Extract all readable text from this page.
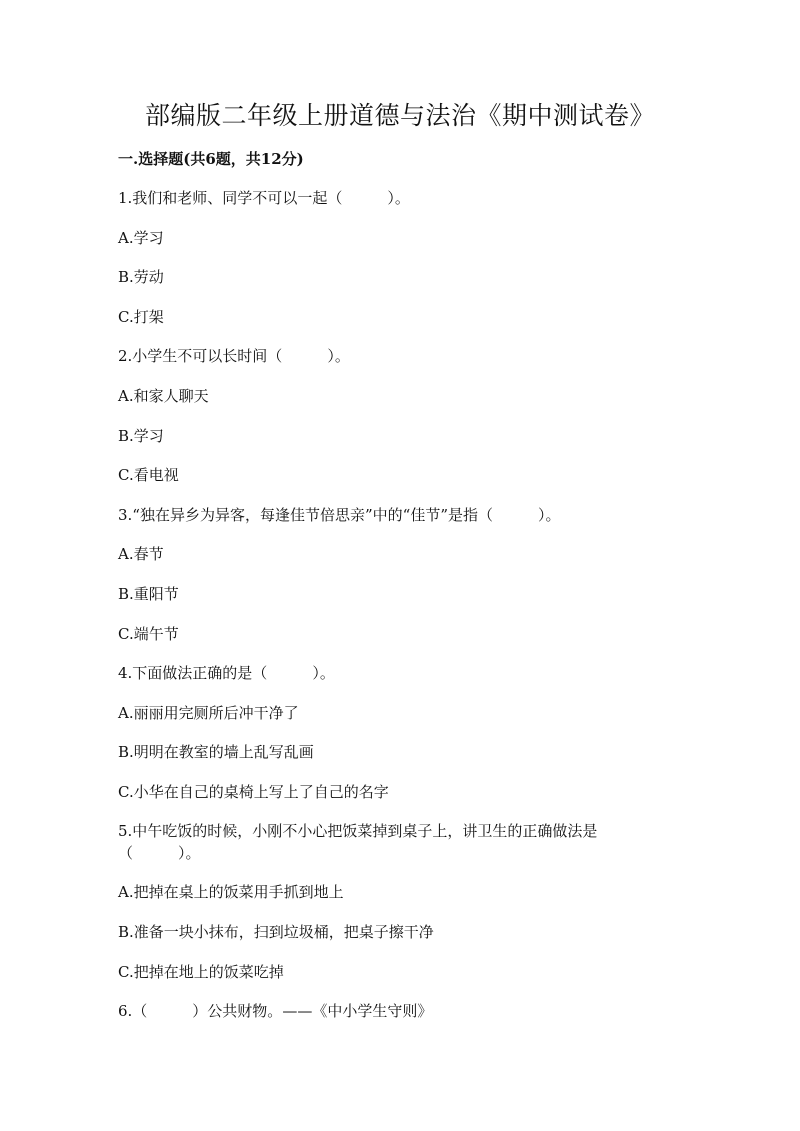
部编版二年级上册道德与法治《期中测试卷》

一.选择题(共6题，共12分)

1.我们和老师、同学不可以一起（　　　）。

A.学习

B.劳动

C.打架

2.小学生不可以长时间（　　　）。

A.和家人聊天

B.学习

C.看电视

3.“独在异乡为异客，每逢佳节倍思亲”中的“佳节”是指（　　　）。

A.春节

B.重阳节

C.端午节

4.下面做法正确的是（　　　）。

A.丽丽用完厕所后冲干净了

B.明明在教室的墙上乱写乱画

C.小华在自己的桌椅上写上了自己的名字

5.中午吃饭的时候，小刚不小心把饭菜掉到桌子上，讲卫生的正确做法是

（　　　）。

A.把掉在桌上的饭菜用手抓到地上

B.准备一块小抹布，扫到垃圾桶，把桌子擦干净

C.把掉在地上的饭菜吃掉

6.（　　　）公共财物。——《中小学生守则》
